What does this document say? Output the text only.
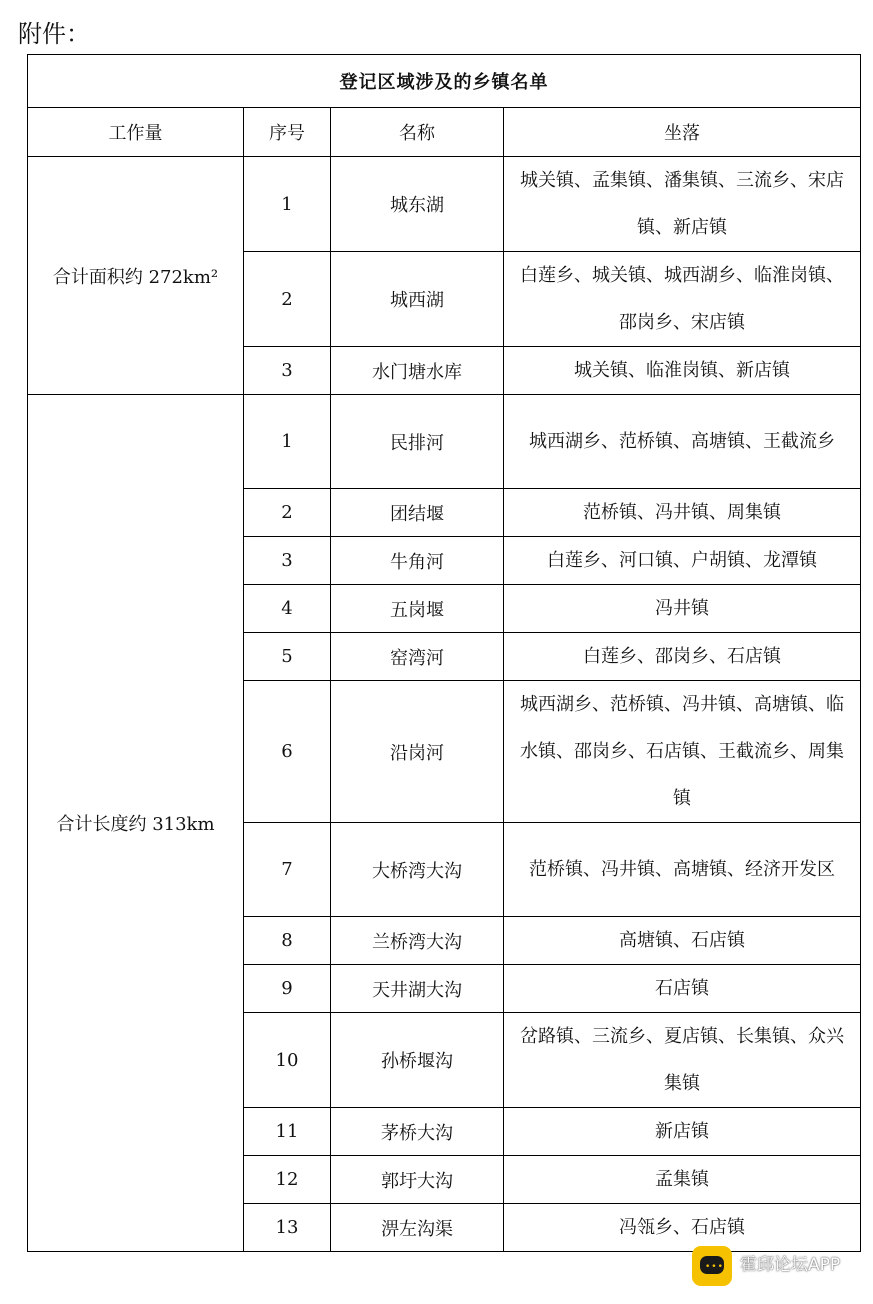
附件：
登记区域涉及的乡镇名单			
工作量	序号	名称	坐落
合计面积约 272km²	1	城东湖	城关镇、孟集镇、潘集镇、三流乡、宋店镇、新店镇
	2	城西湖	白莲乡、城关镇、城西湖乡、临淮岗镇、邵岗乡、宋店镇
	3	水门塘水库	城关镇、临淮岗镇、新店镇
合计长度约 313km	1	民排河	城西湖乡、范桥镇、高塘镇、王截流乡
	2	团结堰	范桥镇、冯井镇、周集镇
	3	牛角河	白莲乡、河口镇、户胡镇、龙潭镇
	4	五岗堰	冯井镇
	5	窑湾河	白莲乡、邵岗乡、石店镇
	6	沿岗河	城西湖乡、范桥镇、冯井镇、高塘镇、临水镇、邵岗乡、石店镇、王截流乡、周集镇
	7	大桥湾大沟	范桥镇、冯井镇、高塘镇、经济开发区
	8	兰桥湾大沟	高塘镇、石店镇
	9	天井湖大沟	石店镇
	10	孙桥堰沟	岔路镇、三流乡、夏店镇、长集镇、众兴集镇
	11	茅桥大沟	新店镇
	12	郭圩大沟	孟集镇
	13	淠左沟渠	冯瓴乡、石店镇
••• 霍邱论坛APP
